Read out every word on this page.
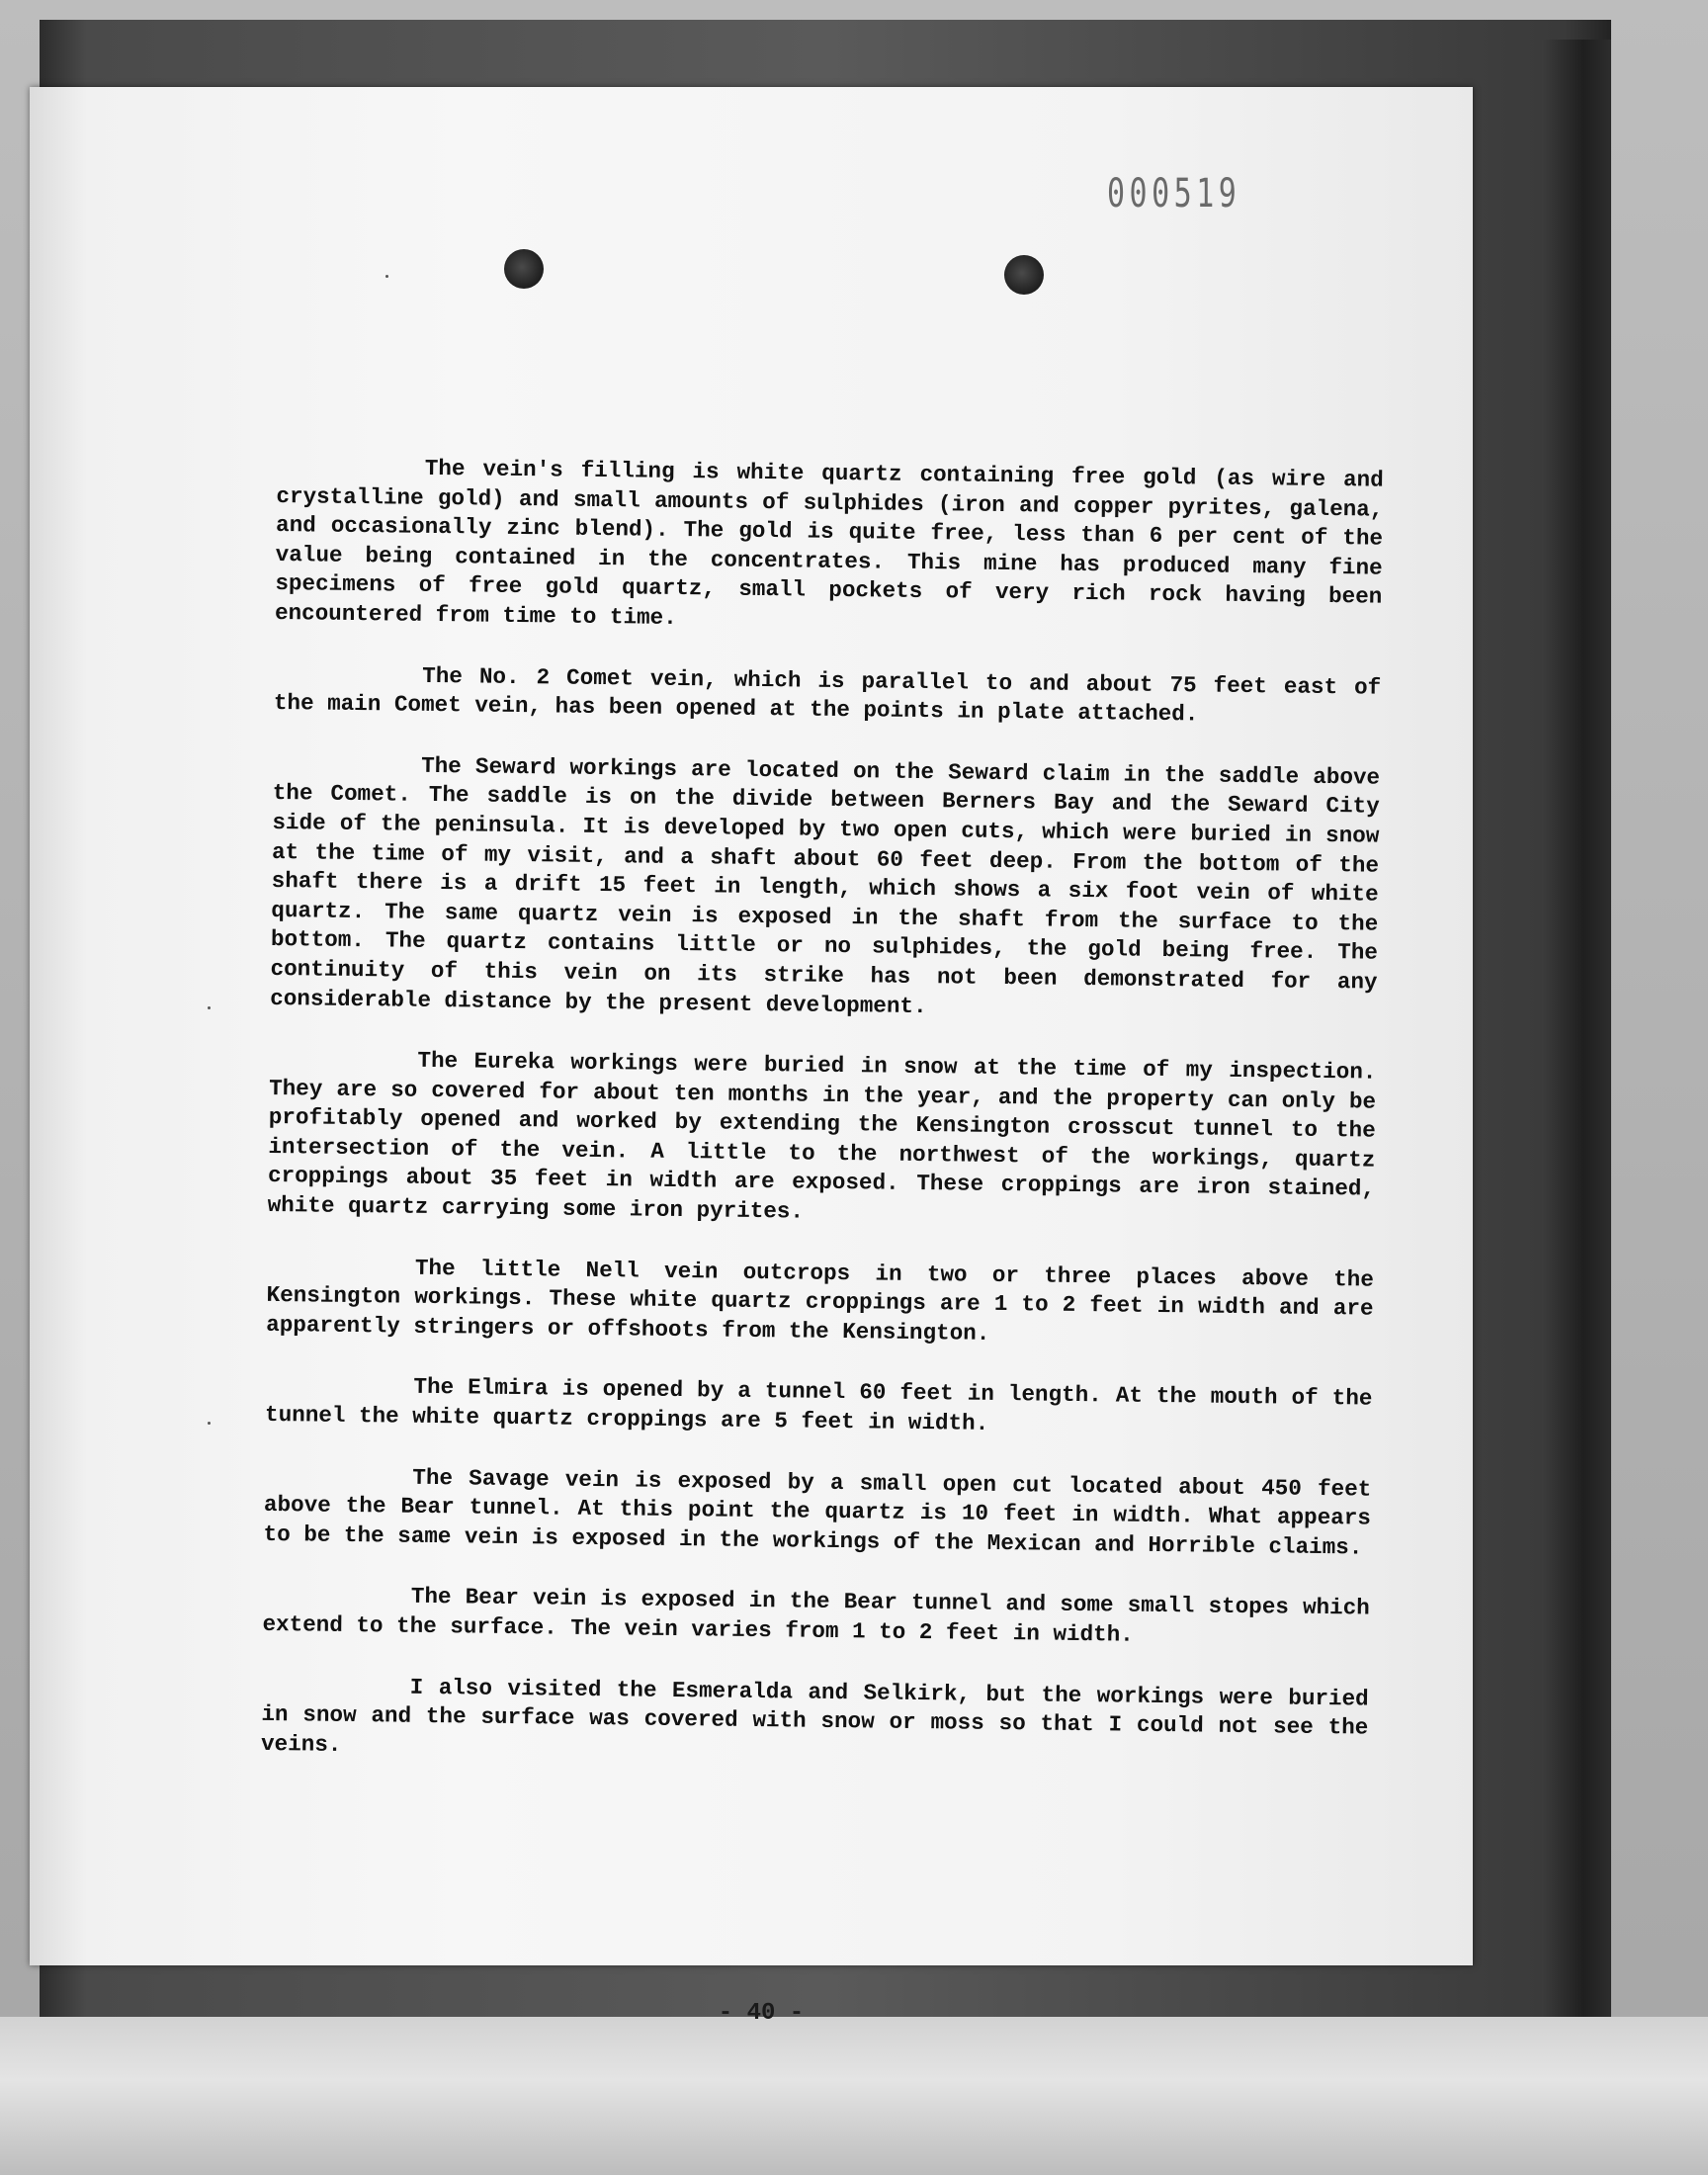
000519

The vein's filling is white quartz containing free gold (as wire and crystalline gold) and small amounts of sulphides (iron and copper pyrites, galena, and occasionally zinc blend). The gold is quite free, less than 6 per cent of the value being contained in the concentrates. This mine has produced many fine specimens of free gold quartz, small pockets of very rich rock having been encountered from time to time.

The No. 2 Comet vein, which is parallel to and about 75 feet east of the main Comet vein, has been opened at the points in plate attached.

The Seward workings are located on the Seward claim in the saddle above the Comet. The saddle is on the divide between Berners Bay and the Seward City side of the peninsula. It is developed by two open cuts, which were buried in snow at the time of my visit, and a shaft about 60 feet deep. From the bottom of the shaft there is a drift 15 feet in length, which shows a six foot vein of white quartz. The same quartz vein is exposed in the shaft from the surface to the bottom. The quartz contains little or no sulphides, the gold being free. The continuity of this vein on its strike has not been demonstrated for any considerable distance by the present development.

The Eureka workings were buried in snow at the time of my inspection. They are so covered for about ten months in the year, and the property can only be profitably opened and worked by extending the Kensington crosscut tunnel to the intersection of the vein. A little to the northwest of the workings, quartz croppings about 35 feet in width are exposed. These croppings are iron stained, white quartz carrying some iron pyrites.

The little Nell vein outcrops in two or three places above the Kensington workings. These white quartz croppings are 1 to 2 feet in width and are apparently stringers or offshoots from the Kensington.

The Elmira is opened by a tunnel 60 feet in length. At the mouth of the tunnel the white quartz croppings are 5 feet in width.

The Savage vein is exposed by a small open cut located about 450 feet above the Bear tunnel. At this point the quartz is 10 feet in width. What appears to be the same vein is exposed in the workings of the Mexican and Horrible claims.

The Bear vein is exposed in the Bear tunnel and some small stopes which extend to the surface. The vein varies from 1 to 2 feet in width.

I also visited the Esmeralda and Selkirk, but the workings were buried in snow and the surface was covered with snow or moss so that I could not see the veins.

- 40 -
